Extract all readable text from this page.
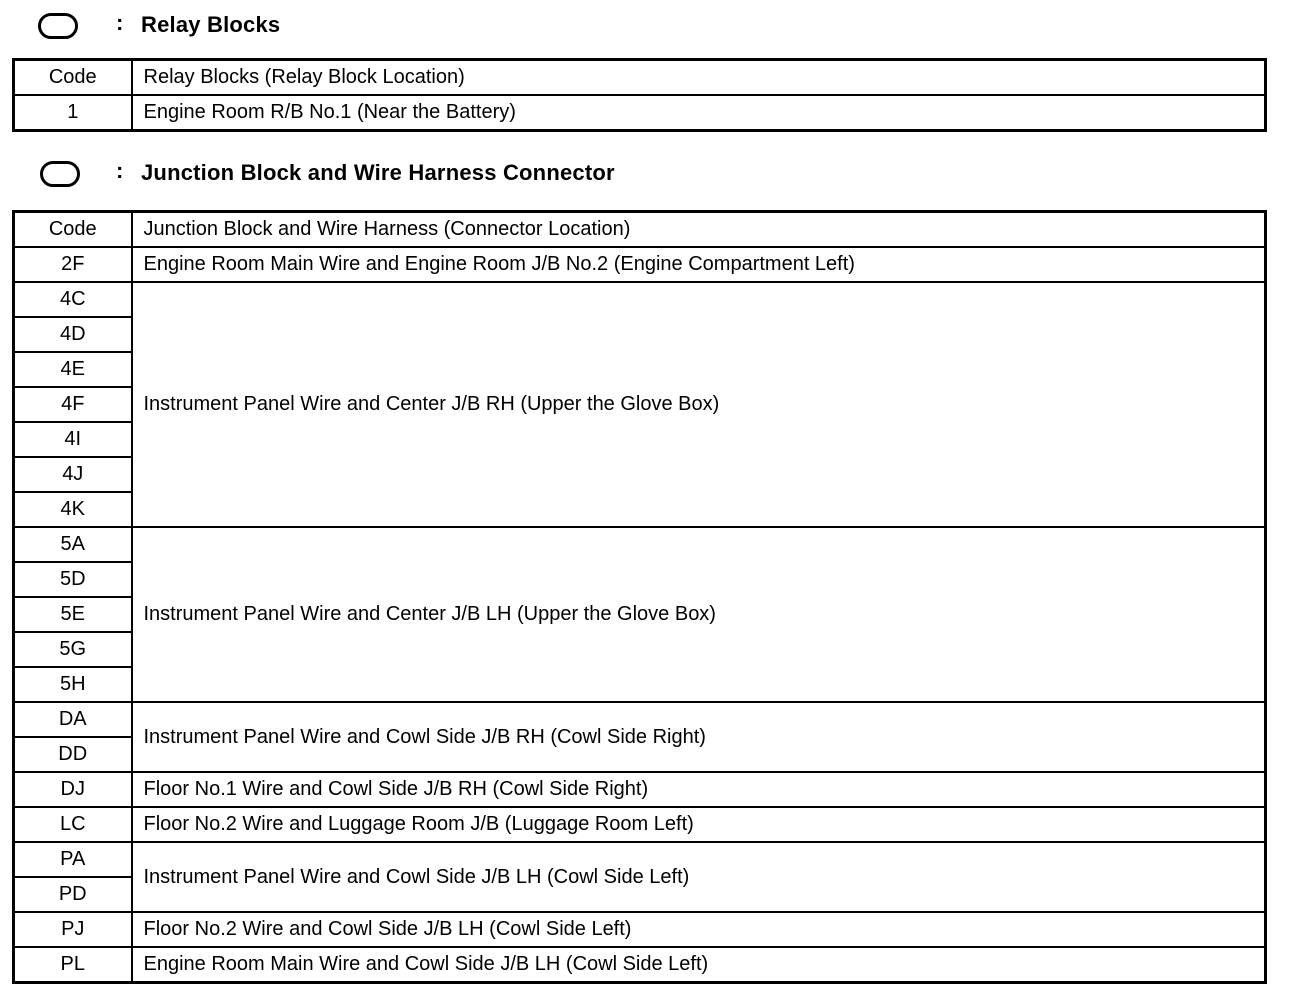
: Relay Blocks
Code	Relay Blocks (Relay Block Location)
1	Engine Room R/B No.1 (Near the Battery)
: Junction Block and Wire Harness Connector
Code	Junction Block and Wire Harness (Connector Location)
2F	Engine Room Main Wire and Engine Room J/B No.2 (Engine Compartment Left)
4C	Instrument Panel Wire and Center J/B RH (Upper the Glove Box)
4D	
4E	
4F	
4I	
4J	
4K	
5A	Instrument Panel Wire and Center J/B LH (Upper the Glove Box)
5D	
5E	
5G	
5H	
DA	Instrument Panel Wire and Cowl Side J/B RH (Cowl Side Right)
DD	
DJ	Floor No.1 Wire and Cowl Side J/B RH (Cowl Side Right)
LC	Floor No.2 Wire and Luggage Room J/B (Luggage Room Left)
PA	Instrument Panel Wire and Cowl Side J/B LH (Cowl Side Left)
PD	
PJ	Floor No.2 Wire and Cowl Side J/B LH (Cowl Side Left)
PL	Engine Room Main Wire and Cowl Side J/B LH (Cowl Side Left)
